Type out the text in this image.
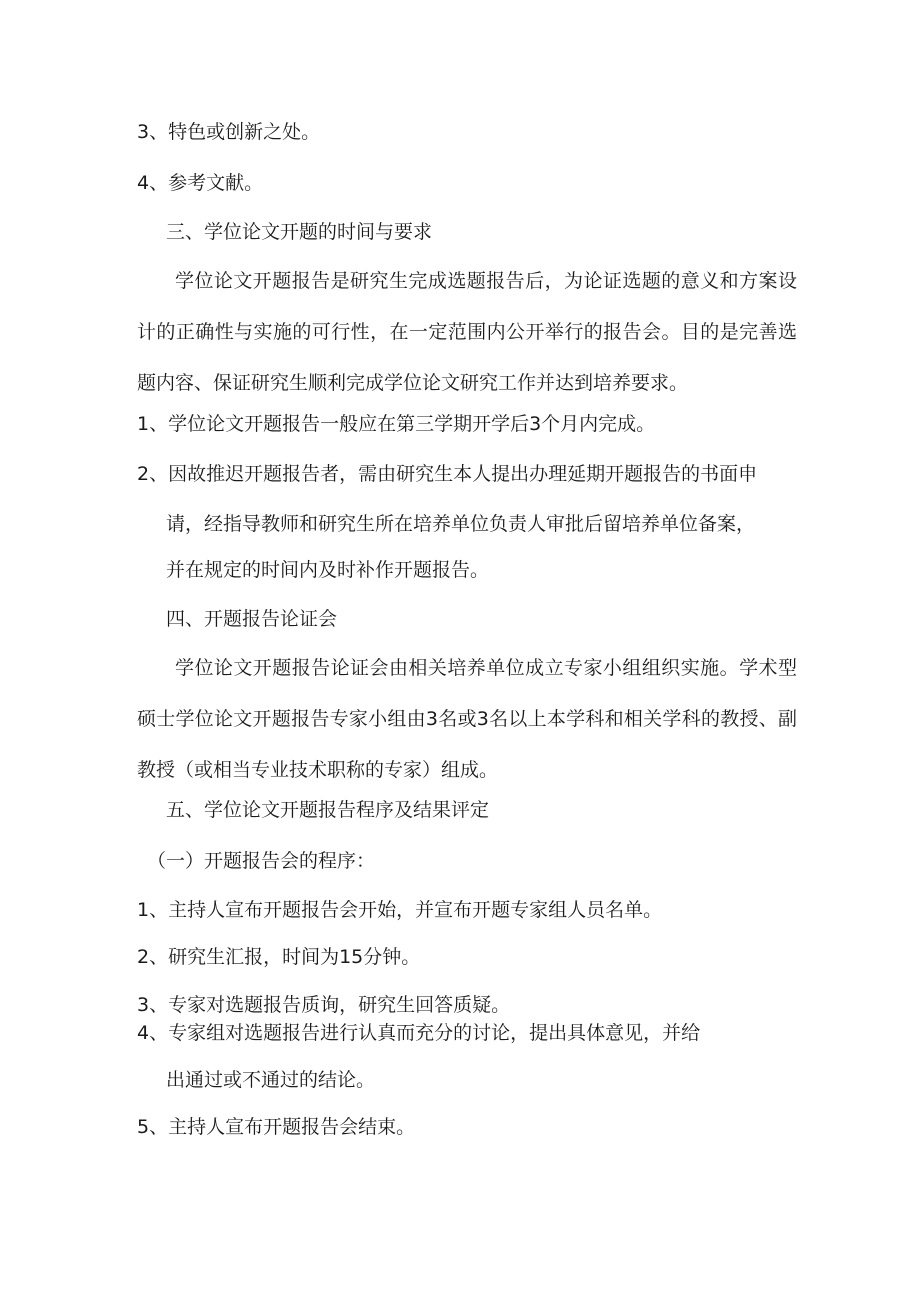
3、特色或创新之处。
4、参考文献。
三、学位论文开题的时间与要求
学位论文开题报告是研究生完成选题报告后，为论证选题的意义和方案设计的正确性与实施的可行性，在一定范围内公开举行的报告会。目的是完善选题内容、保证研究生顺利完成学位论文研究工作并达到培养要求。
1、学位论文开题报告一般应在第三学期开学后3个月内完成。
2、因故推迟开题报告者，需由研究生本人提出办理延期开题报告的书面申
请，经指导教师和研究生所在培养单位负责人审批后留培养单位备案，
并在规定的时间内及时补作开题报告。
四、开题报告论证会
学位论文开题报告论证会由相关培养单位成立专家小组组织实施。学术型硕士学位论文开题报告专家小组由3名或3名以上本学科和相关学科的教授、副教授（或相当专业技术职称的专家）组成。
五、学位论文开题报告程序及结果评定
（一）开题报告会的程序：
1、主持人宣布开题报告会开始，并宣布开题专家组人员名单。
2、研究生汇报，时间为15分钟。
3、专家对选题报告质询，研究生回答质疑。
4、专家组对选题报告进行认真而充分的讨论，提出具体意见，并给
出通过或不通过的结论。
5、主持人宣布开题报告会结束。
